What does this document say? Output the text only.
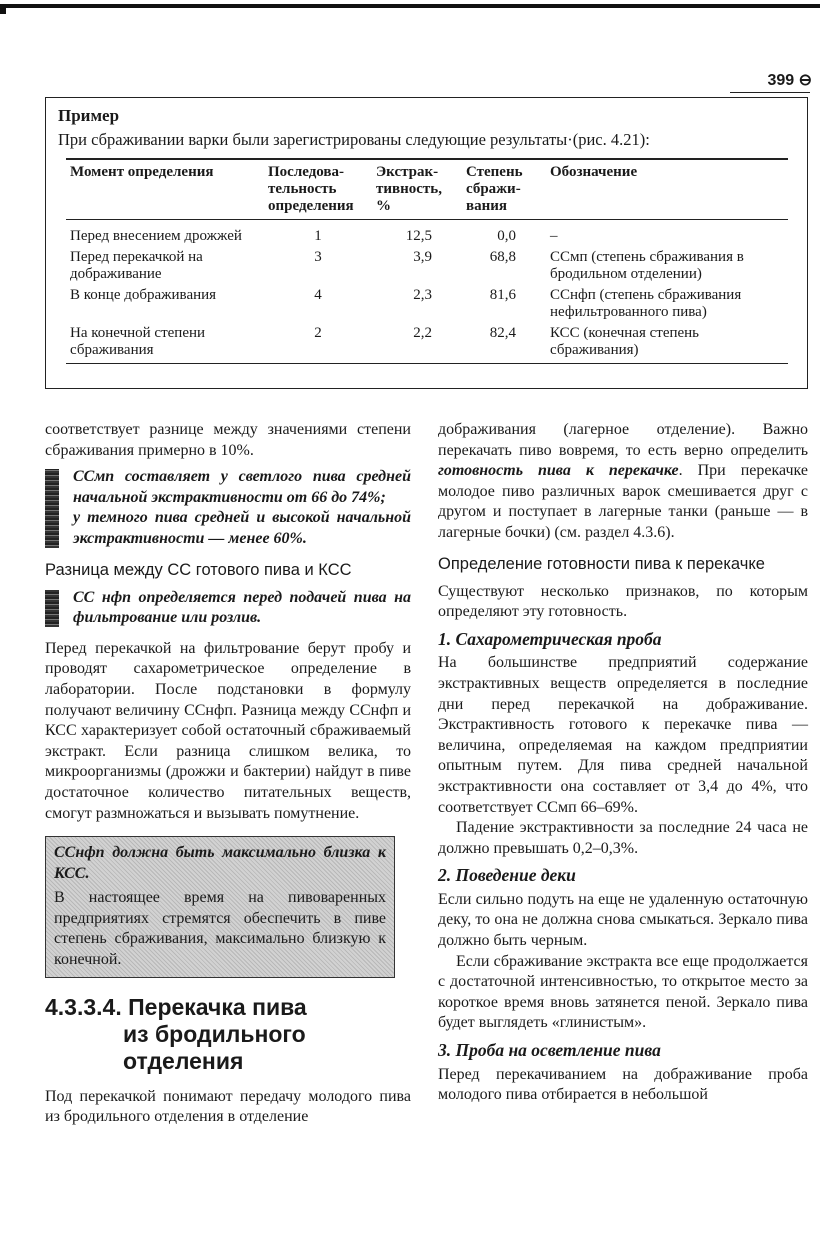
399 ⊖

Пример

При сбраживании варки были зарегистрированы следующие результаты·(рис. 4.21):

Момент определения	Последова-тельность определения	Экстрак-тивность, %	Степень сбражи-вания	Обозначение
Перед внесением дрожжей	1	12,5	0,0	–
Перед перекачкой на дображивание	3	3,9	68,8	ССмп (степень сбраживания в бродильном отделении)
В конце дображивания	4	2,3	81,6	ССнфп (степень сбраживания нефильтрованного пива)
На конечной степени сбраживания	2	2,2	82,4	КСС (конечная степень сбраживания)

соответствует разнице между значениями степени сбраживания примерно в 10%.

ССмп составляет у светлого пива средней начальной экстрактивности от 66 до 74%;

у темного пива средней и высокой начальной экстрактивности — менее 60%.

Разница между СС готового пива и КСС

СС нфп определяется перед подачей пива на фильтрование или розлив.

Перед перекачкой на фильтрование берут пробу и проводят сахарометрическое определение в лаборатории. После подстановки в формулу получают величину ССнфп. Разница между ССнфп и КСС характеризует собой остаточный сбраживаемый экстракт. Если разница слишком велика, то микроорганизмы (дрожжи и бактерии) найдут в пиве достаточное количество питательных веществ, смогут размножаться и вызывать помутнение.

ССнфп должна быть максимально близка к КСС.

В настоящее время на пивоваренных предприятиях стремятся обеспечить в пиве степень сбраживания, максимально близкую к конечной.

4.3.3.4. Перекачка пива
из бродильного
отделения

Под перекачкой понимают передачу молодого пива из бродильного отделения в отделение

дображивания (лагерное отделение). Важно перекачать пиво вовремя, то есть верно определить готовность пива к перекачке. При перекачке молодое пиво различных варок смешивается друг с другом и поступает в лагерные танки (раньше — в лагерные бочки) (см. раздел 4.3.6).

Определение готовности пива к перекачке

Существуют несколько признаков, по которым определяют эту готовность.

1. Сахарометрическая проба

На большинстве предприятий содержание экстрактивных веществ определяется в последние дни перед перекачкой на дображивание. Экстрактивность готового к перекачке пива — величина, определяемая на каждом предприятии опытным путем. Для пива средней начальной экстрактивности она составляет от 3,4 до 4%, что соответствует ССмп 66–69%.

Падение экстрактивности за последние 24 часа не должно превышать 0,2–0,3%.

2. Поведение деки

Если сильно подуть на еще не удаленную остаточную деку, то она не должна снова смыкаться. Зеркало пива должно быть черным.

Если сбраживание экстракта все еще продолжается с достаточной интенсивностью, то открытое место за короткое время вновь затянется пеной. Зеркало пива будет выглядеть «глинистым».

3. Проба на осветление пива

Перед перекачиванием на дображивание проба молодого пива отбирается в небольшой
